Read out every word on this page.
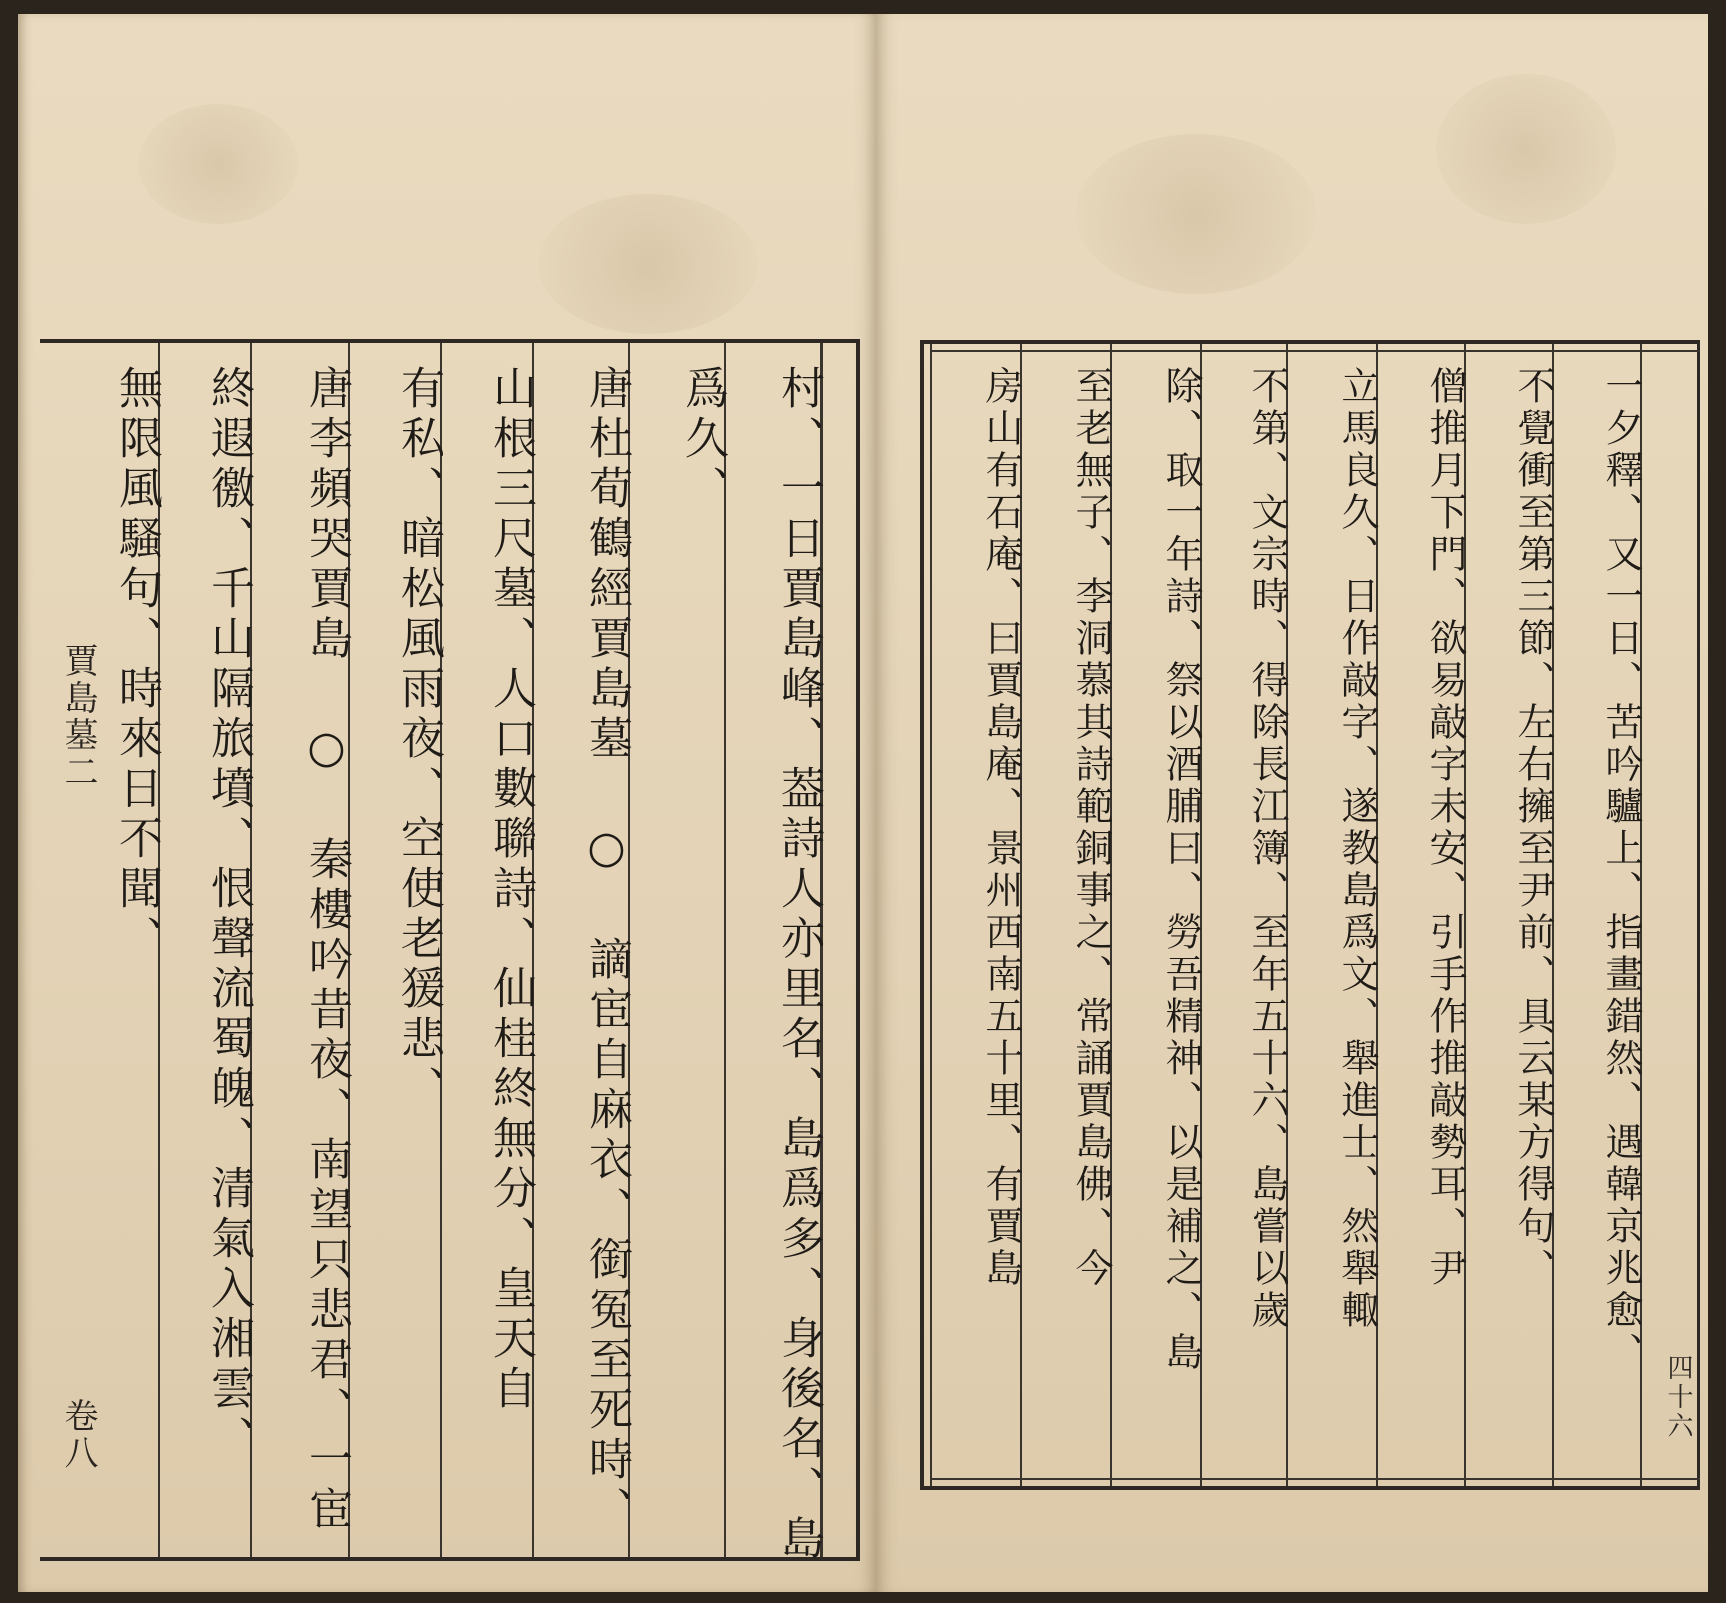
村、一日賈島峰、葢詩人亦里名、島爲多、身後名、島
爲久、
唐杜荀鶴經賈島墓 ○ 謫宦自麻衣、銜冤至死時、
山根三尺墓、人口數聯詩、仙桂終無分、皇天自
有私、暗松風雨夜、空使老猨悲、
唐李頻哭賈島 ○ 秦樓吟昔夜、南望只悲君、一宦
終遐徼、千山隔旅墳、恨聲流蜀魄、清氣入湘雲、
無限風騷句、時來日不聞、
賈島墓二
卷八
一夕釋、又一日、苦吟驢上、指畫錯然、遇韓京兆愈、
不覺衝至第三節、左右擁至尹前、具云某方得句、
僧推月下門、欲易敲字未安、引手作推敲勢耳、尹
立馬良久、日作敲字、遂教島爲文、舉進士、然舉輙
不第、文宗時、得除長江簿、至年五十六、島嘗以歲
除、取一年詩、祭以酒脯曰、勞吾精神、以是補之、島
至老無子、李洞慕其詩範銅事之、常誦賈島佛、今
房山有石庵、曰賈島庵、景州西南五十里、有賈島
四十六
